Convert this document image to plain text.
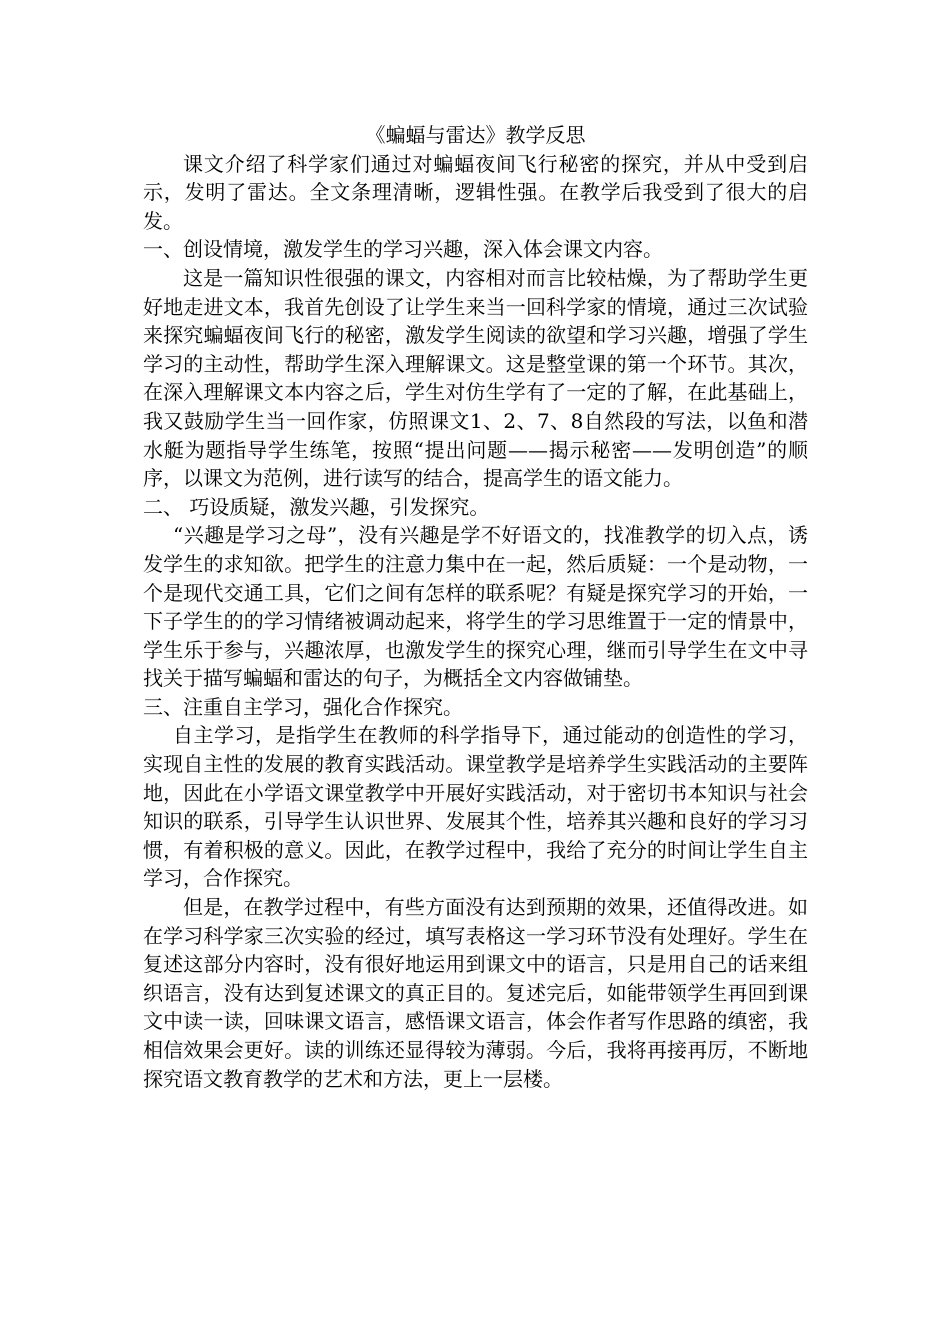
《蝙蝠与雷达》教学反思

课文介绍了科学家们通过对蝙蝠夜间飞行秘密的探究，并从中受到启示，发明了雷达。全文条理清晰，逻辑性强。在教学后我受到了很大的启发。

一、创设情境，激发学生的学习兴趣，深入体会课文内容。

这是一篇知识性很强的课文，内容相对而言比较枯燥，为了帮助学生更好地走进文本，我首先创设了让学生来当一回科学家的情境，通过三次试验来探究蝙蝠夜间飞行的秘密，激发学生阅读的欲望和学习兴趣，增强了学生学习的主动性，帮助学生深入理解课文。这是整堂课的第一个环节。其次，在深入理解课文本内容之后，学生对仿生学有了一定的了解，在此基础上，我又鼓励学生当一回作家，仿照课文1、2、7、8自然段的写法，以鱼和潜水艇为题指导学生练笔，按照“提出问题——揭示秘密——发明创造”的顺序，以课文为范例，进行读写的结合，提高学生的语文能力。

二、 巧设质疑，激发兴趣，引发探究。

“兴趣是学习之母”，没有兴趣是学不好语文的，找准教学的切入点，诱发学生的求知欲。把学生的注意力集中在一起，然后质疑：一个是动物，一个是现代交通工具，它们之间有怎样的联系呢？有疑是探究学习的开始，一下子学生的的学习情绪被调动起来，将学生的学习思维置于一定的情景中，学生乐于参与，兴趣浓厚，也激发学生的探究心理，继而引导学生在文中寻找关于描写蝙蝠和雷达的句子，为概括全文内容做铺垫。

三、注重自主学习，强化合作探究。

自主学习，是指学生在教师的科学指导下，通过能动的创造性的学习，实现自主性的发展的教育实践活动。课堂教学是培养学生实践活动的主要阵地，因此在小学语文课堂教学中开展好实践活动，对于密切书本知识与社会知识的联系，引导学生认识世界、发展其个性，培养其兴趣和良好的学习习惯，有着积极的意义。因此，在教学过程中，我给了充分的时间让学生自主学习，合作探究。

但是，在教学过程中，有些方面没有达到预期的效果，还值得改进。如在学习科学家三次实验的经过，填写表格这一学习环节没有处理好。学生在复述这部分内容时，没有很好地运用到课文中的语言，只是用自己的话来组织语言，没有达到复述课文的真正目的。复述完后，如能带领学生再回到课文中读一读，回味课文语言，感悟课文语言，体会作者写作思路的缜密，我相信效果会更好。读的训练还显得较为薄弱。今后，我将再接再厉，不断地探究语文教育教学的艺术和方法，更上一层楼。
